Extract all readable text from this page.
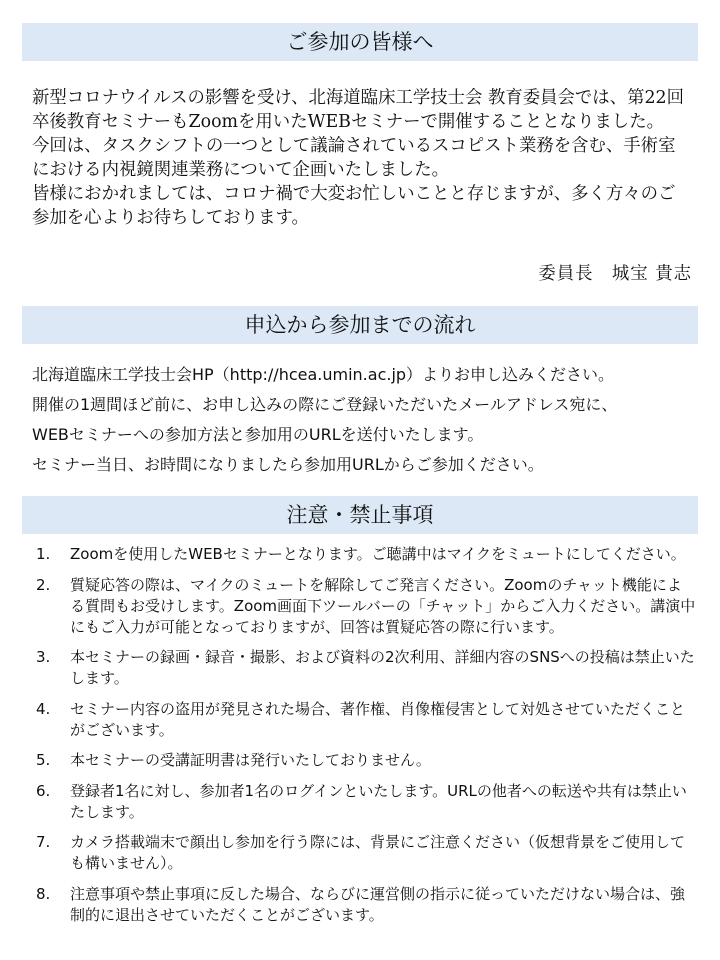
ご参加の皆様へ

新型コロナウイルスの影響を受け、北海道臨床工学技士会 教育委員会では、第22回卒後教育セミナーもZoomを用いたWEBセミナーで開催することとなりました。

今回は、タスクシフトの一つとして議論されているスコピスト業務を含む、手術室における内視鏡関連業務について企画いたしました。

皆様におかれましては、コロナ禍で大変お忙しいことと存じますが、多く方々のご参加を心よりお待ちしております。

委員長　城宝 貴志
申込から参加までの流れ
北海道臨床工学技士会HP（http://hcea.umin.ac.jp）よりお申し込みください。
開催の1週間ほど前に、お申し込みの際にご登録いただいたメールアドレス宛に、
WEBセミナーへの参加方法と参加用のURLを送付いたします。
セミナー当日、お時間になりましたら参加用URLからご参加ください。
注意・禁止事項
1.	Zoomを使用したWEBセミナーとなります。ご聴講中はマイクをミュートにしてください。
2.	質疑応答の際は、マイクのミュートを解除してご発言ください。Zoomのチャット機能による質問もお受けします。Zoom画面下ツールバーの「チャット」からご入力ください。講演中にもご入力が可能となっておりますが、回答は質疑応答の際に行います。
3.	本セミナーの録画・録音・撮影、および資料の2次利用、詳細内容のSNSへの投稿は禁止いたします。
4.	セミナー内容の盗用が発見された場合、著作権、肖像権侵害として対処させていただくことがございます。
5.	本セミナーの受講証明書は発行いたしておりません。
6.	登録者1名に対し、参加者1名のログインといたします。URLの他者への転送や共有は禁止いたします。
7.	カメラ搭載端末で顔出し参加を行う際には、背景にご注意ください（仮想背景をご使用しても構いません）。
8.	注意事項や禁止事項に反した場合、ならびに運営側の指示に従っていただけない場合は、強制的に退出させていただくことがございます。
